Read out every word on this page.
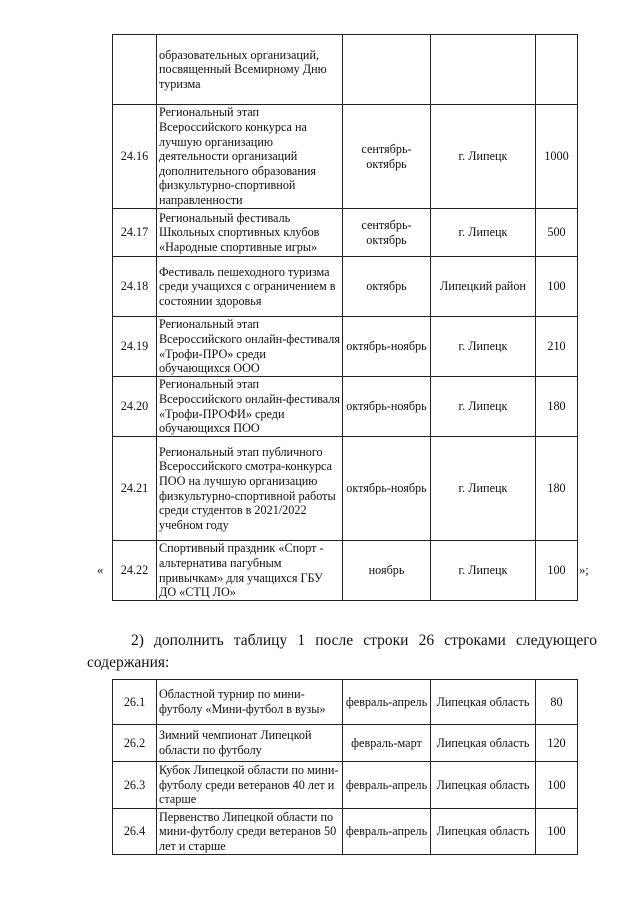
	образовательных организаций, посвященный Всемирному Дню туризма			
24.16	Региональный этап Всероссийского конкурса на лучшую организацию деятельности организаций дополнительного образования физкультурно-спортивной направленности	сентябрь-октябрь	г. Липецк	1000
24.17	Региональный фестиваль Школьных спортивных клубов «Народные спортивные игры»	сентябрь-октябрь	г. Липецк	500
24.18	Фестиваль пешеходного туризма среди учащихся с ограничением в состоянии здоровья	октябрь	Липецкий район	100
24.19	Региональный этап Всероссийского онлайн-фестиваля «Трофи-ПРО» среди обучающихся ООО	октябрь-ноябрь	г. Липецк	210
24.20	Региональный этап Всероссийского онлайн-фестиваля «Трофи-ПРОФИ» среди обучающихся ПОО	октябрь-ноябрь	г. Липецк	180
24.21	Региональный этап публичного Всероссийского смотра-конкурса ПОО на лучшую организацию физкультурно-спортивной работы среди студентов в 2021/2022 учебном году	октябрь-ноябрь	г. Липецк	180
24.22	Спортивный праздник «Спорт - альтернатива пагубным привычкам» для учащихся ГБУ ДО «СТЦ ЛО»	ноябрь	г. Липецк	100
«	»;
2) дополнить таблицу 1 после строки 26 строками следующего
содержания:
26.1	Областной турнир по мини-футболу «Мини-футбол в вузы»	февраль-апрель	Липецкая область	80
26.2	Зимний чемпионат Липецкой области по футболу	февраль-март	Липецкая область	120
26.3	Кубок Липецкой области по мини-футболу среди ветеранов 40 лет и старше	февраль-апрель	Липецкая область	100
26.4	Первенство Липецкой области по мини-футболу среди ветеранов 50 лет и старше	февраль-апрель	Липецкая область	100
